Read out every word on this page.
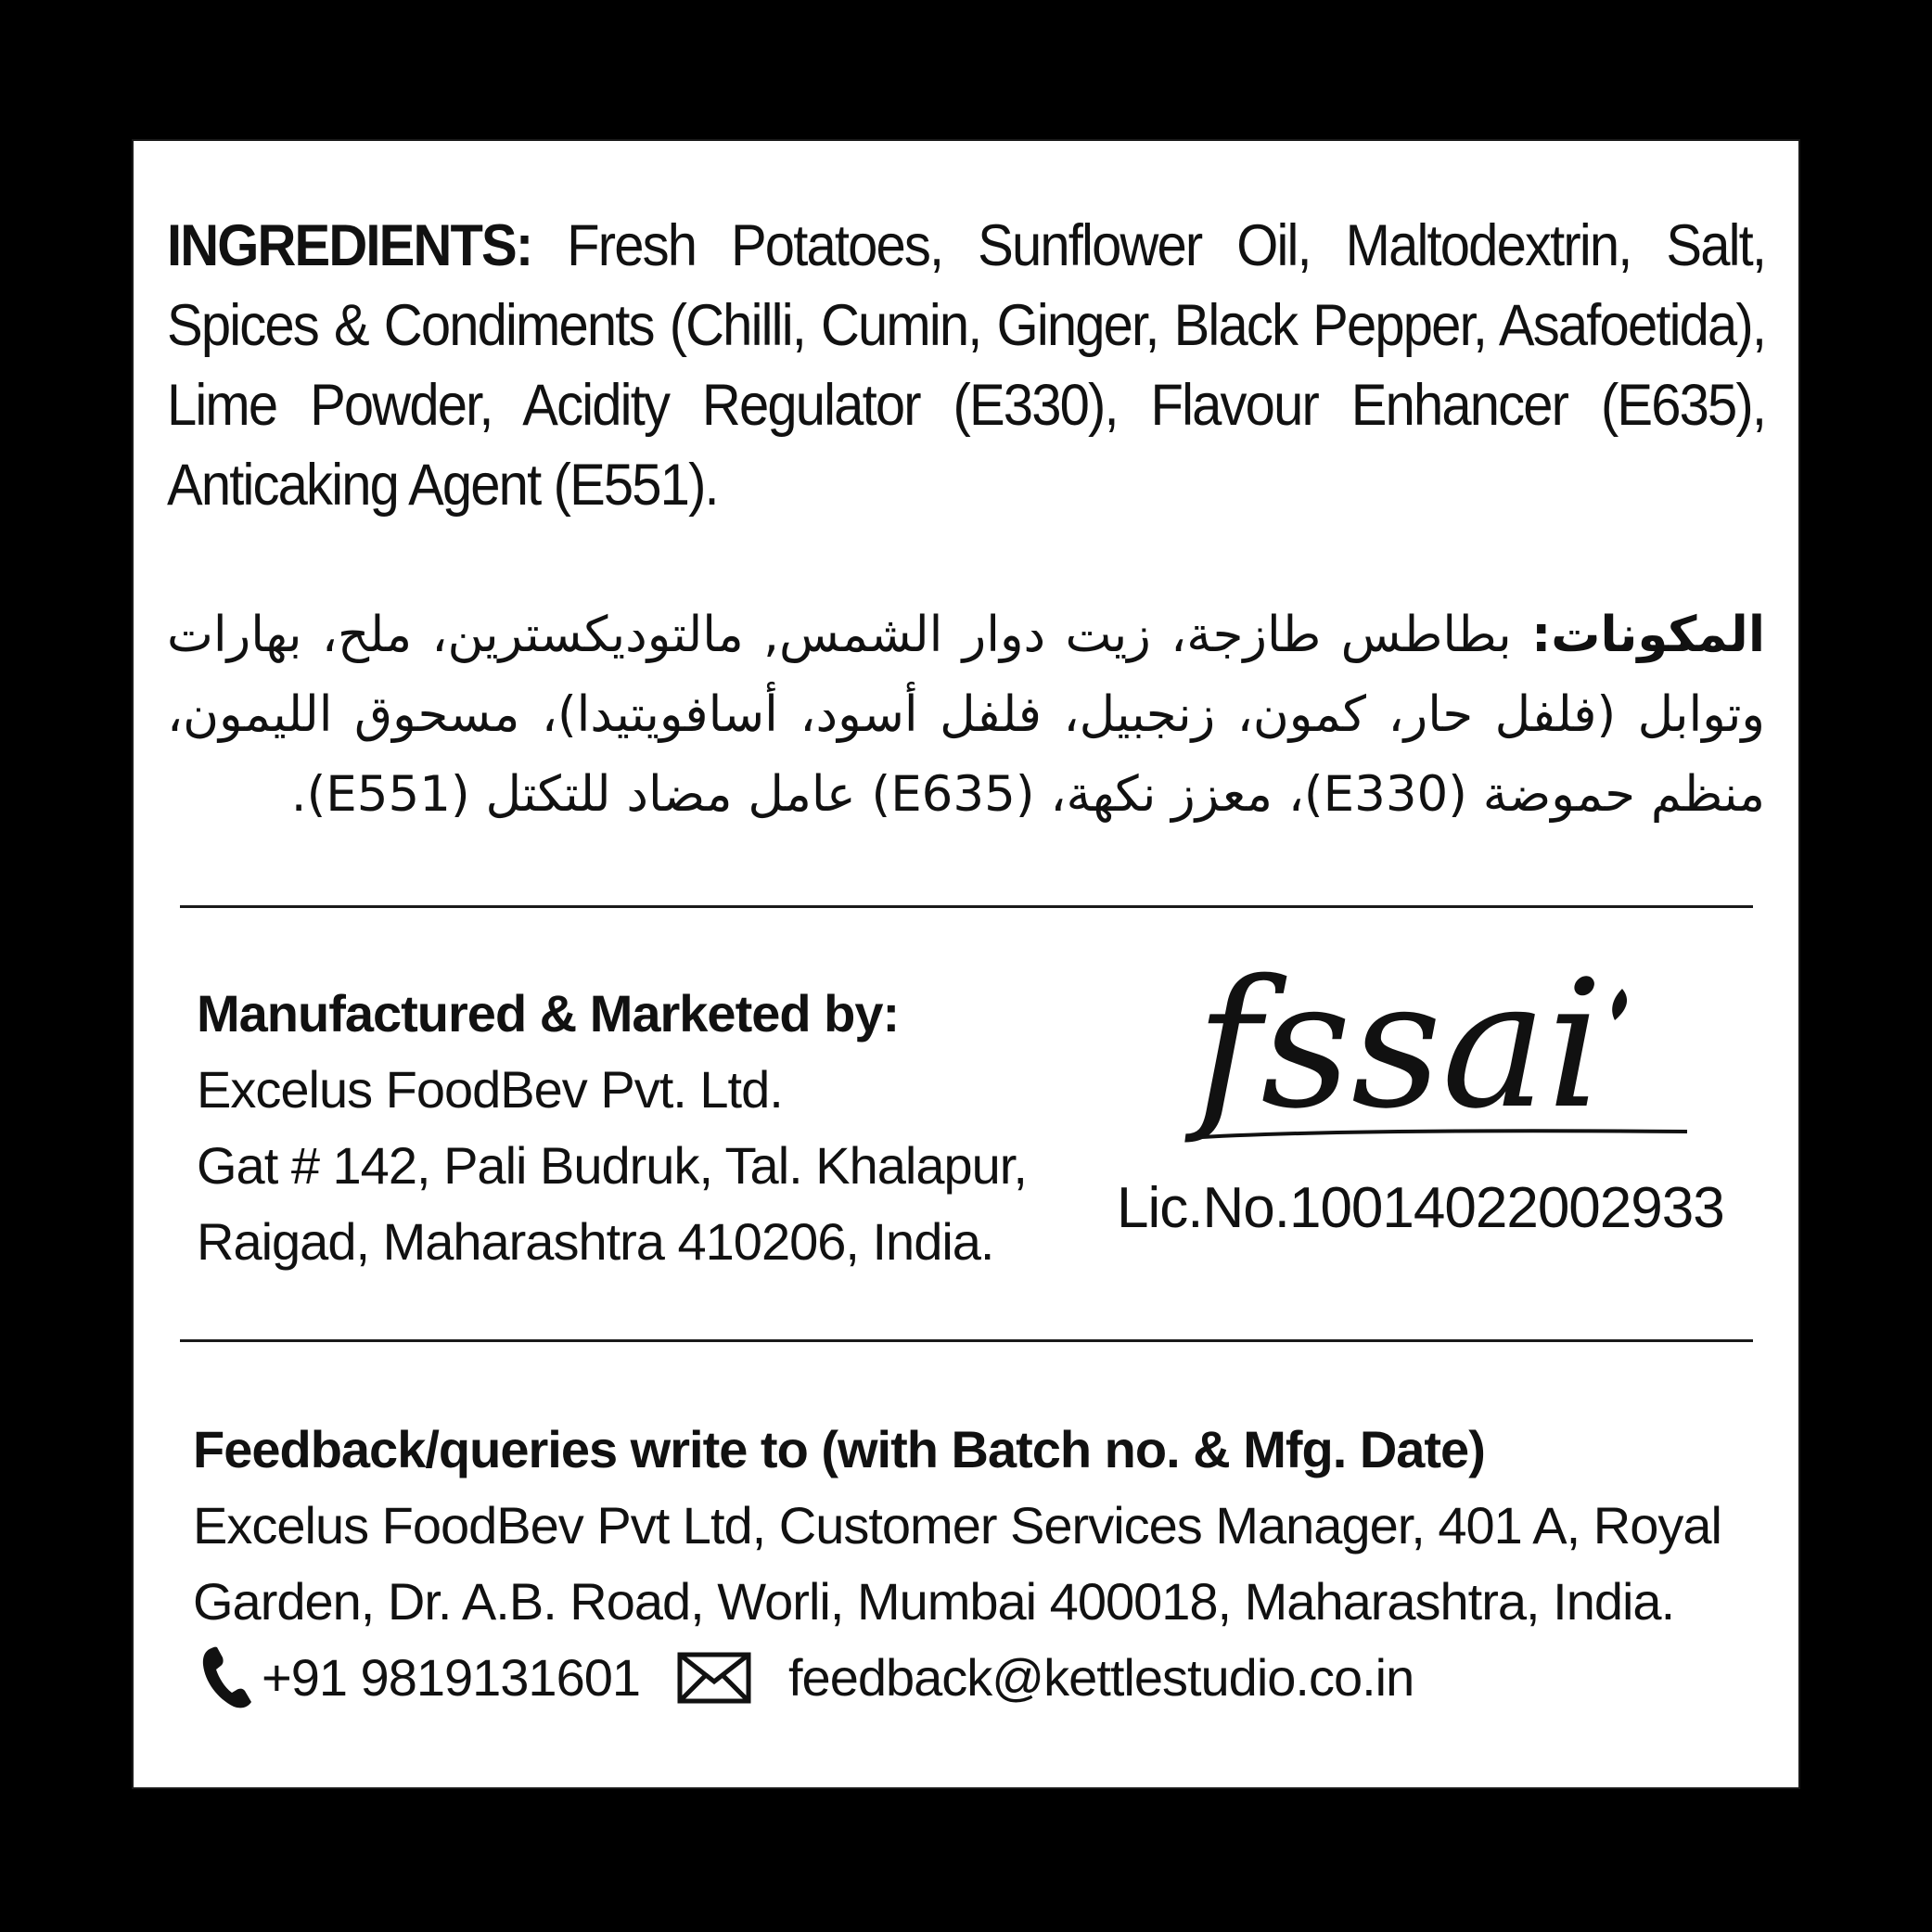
INGREDIENTS: Fresh Potatoes, Sunflower Oil, Maltodextrin, Salt, Spices & Condiments (Chilli, Cumin, Ginger, Black Pepper, Asafoetida), Lime Powder, Acidity Regulator (E330), Flavour Enhancer (E635), Anticaking Agent (E551).
المكونات: بطاطس طازجة، زيت دوار الشمس, مالتوديكسترين، ملح، بهارات وتوابل (فلفل حار، كمون، زنجبيل، فلفل أسود، أسافويتيدا)، مسحوق الليمون، منظم حموضة (E330)، معزز نكهة، (E635) عامل مضاد للتكتل (E551).
Manufactured & Marketed by:
Excelus FoodBev Pvt. Ltd.
Gat # 142, Pali Budruk, Tal. Khalapur,
Raigad, Maharashtra 410206, India.
fssai
Lic.No.10014022002933
Feedback/queries write to (with Batch no. & Mfg. Date)
Excelus FoodBev Pvt Ltd, Customer Services Manager, 401 A, Royal
Garden, Dr. A.B. Road, Worli, Mumbai 400018, Maharashtra, India.
+91 9819131601	feedback@kettlestudio.co.in
